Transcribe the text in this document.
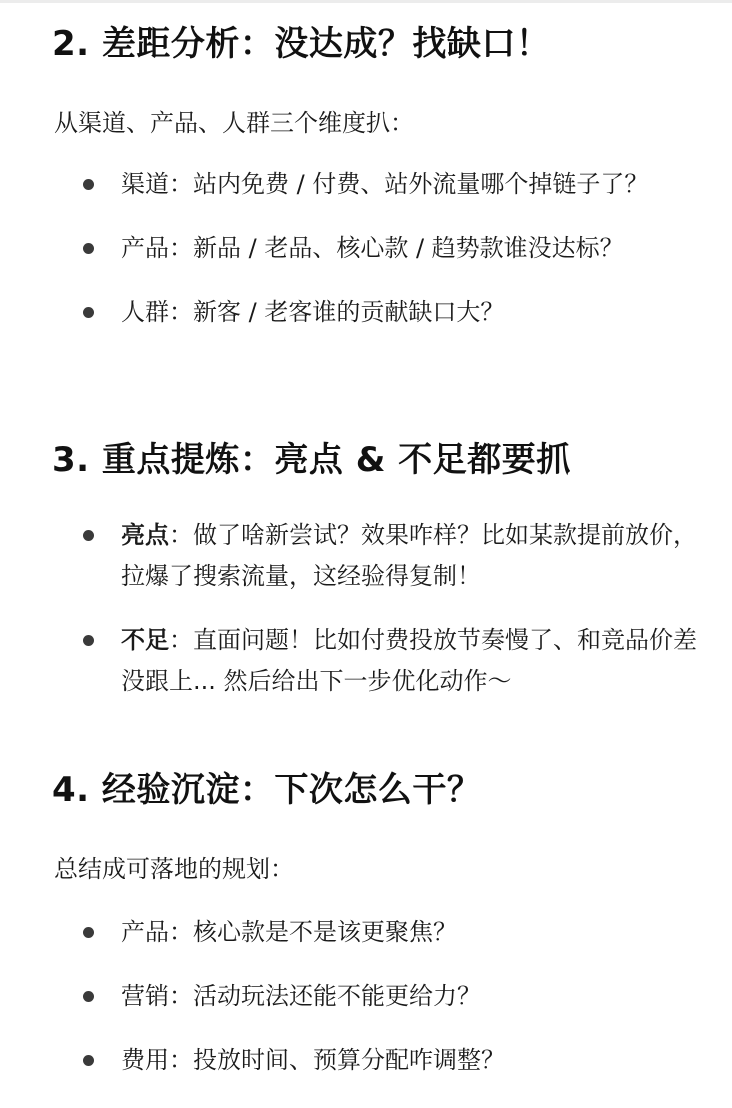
2. 差距分析：没达成？找缺口！

从渠道、产品、人群三个维度扒：

渠道：站内免费 / 付费、站外流量哪个掉链子了？
产品：新品 / 老品、核心款 / 趋势款谁没达标？
人群：新客 / 老客谁的贡献缺口大？
3. 重点提炼：亮点 & 不足都要抓
亮点：做了啥新尝试？效果咋样？比如某款提前放价，拉爆了搜索流量，这经验得复制！
不足：直面问题！比如付费投放节奏慢了、和竞品价差没跟上... 然后给出下一步优化动作～
4. 经验沉淀：下次怎么干？

总结成可落地的规划：

产品：核心款是不是该更聚焦？
营销：活动玩法还能不能更给力？
费用：投放时间、预算分配咋调整？
